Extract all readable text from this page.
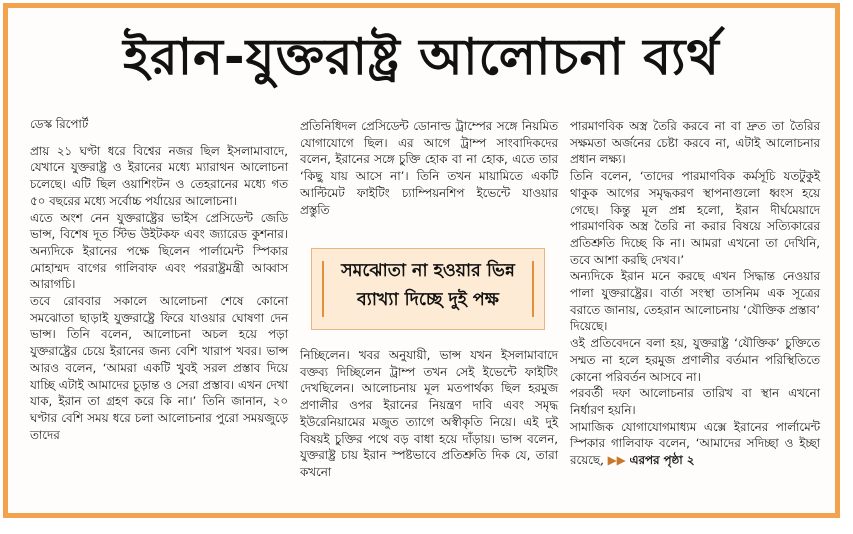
ইরান-যুক্তরাষ্ট্র আলোচনা ব্যর্থ

ডেস্ক রিপোর্ট

প্রায় ২১ ঘণ্টা ধরে বিশ্বের নজর ছিল ইসলামাবাদে, যেখানে যুক্তরাষ্ট্র ও ইরানের মধ্যে ম্যারাথন আলোচনা চলেছে। এটি ছিল ওয়াশিংটন ও তেহরানের মধ্যে গত ৫০ বছরের মধ্যে সর্বোচ্চ পর্যায়ের আলোচনা।

এতে অংশ নেন যুক্তরাষ্ট্রের ভাইস প্রেসিডেন্ট জেডি ভান্স, বিশেষ দূত স্টিভ উইটকফ এবং জ্যারেড কুশনার। অন্যদিকে ইরানের পক্ষে ছিলেন পার্লামেন্ট স্পিকার মোহাম্মদ বাগের গালিবাফ এবং পররাষ্ট্রমন্ত্রী আব্বাস আরাগচি।

তবে রোববার সকালে আলোচনা শেষে কোনো সমঝোতা ছাড়াই যুক্তরাষ্ট্রে ফিরে যাওয়ার ঘোষণা দেন ভান্স। তিনি বলেন, আলোচনা অচল হয়ে পড়া যুক্তরাষ্ট্রের চেয়ে ইরানের জন্য বেশি খারাপ খবর। ভান্স আরও বলেন, ‘আমরা একটি খুবই সরল প্রস্তাব দিয়ে যাচ্ছি এটাই আমাদের চূড়ান্ত ও সেরা প্রস্তাব। এখন দেখা যাক, ইরান তা গ্রহণ করে কি না।’ তিনি জানান, ২০ ঘণ্টার বেশি সময় ধরে চলা আলোচনার পুরো সময়জুড়ে তাদের

প্রতিনিধিদল প্রেসিডেন্ট ডোনাল্ড ট্রাম্পের সঙ্গে নিয়মিত যোগাযোগে ছিল। এর আগে ট্রাম্প সাংবাদিকদের বলেন, ইরানের সঙ্গে চুক্তি হোক বা না হোক, এতে তার ‘কিছু যায় আসে না’। তিনি তখন মায়ামিতে একটি আল্টিমেট ফাইটিং চ্যাম্পিয়নশিপ ইভেন্টে যাওয়ার প্রস্তুতি

সমঝোতা না হওয়ার ভিন্ন
ব্যাখ্যা দিচ্ছে দুই পক্ষ

নিচ্ছিলেন। খবর অনুযায়ী, ভান্স যখন ইসলামাবাদে বক্তব্য দিচ্ছিলেন ট্রাম্প তখন সেই ইভেন্টে ফাইটিং দেখছিলেন। আলোচনায় মূল মতপার্থক্য ছিল হরমুজ প্রণালীর ওপর ইরানের নিয়ন্ত্রণ দাবি এবং সমৃদ্ধ ইউরেনিয়ামের মজুত ত্যাগে অস্বীকৃতি নিয়ে। এই দুই বিষয়ই চুক্তির পথে বড় বাধা হয়ে দাঁড়ায়। ভান্স বলেন, যুক্তরাষ্ট্র চায় ইরান স্পষ্টভাবে প্রতিশ্রুতি দিক যে, তারা কখনো

পারমাণবিক অস্ত্র তৈরি করবে না বা দ্রুত তা তৈরির সক্ষমতা অর্জনের চেষ্টা করবে না, এটাই আলোচনার প্রধান লক্ষ্য।

তিনি বলেন, ‘তাদের পারমাণবিক কর্মসূচি যতটুকুই থাকুক আগের সমৃদ্ধকরণ স্থাপনাগুলো ধ্বংস হয়ে গেছে। কিন্তু মূল প্রশ্ন হলো, ইরান দীর্ঘমেয়াদে পারমাণবিক অস্ত্র তৈরি না করার বিষয়ে সত্যিকারের প্রতিশ্রুতি দিচ্ছে কি না। আমরা এখনো তা দেখিনি, তবে আশা করছি দেখব।’

অন্যদিকে ইরান মনে করছে এখন সিদ্ধান্ত নেওয়ার পালা যুক্তরাষ্ট্রের। বার্তা সংস্থা তাসনিম এক সূত্রের বরাতে জানায়, তেহরান আলোচনায় ‘যৌক্তিক প্রস্তাব’ দিয়েছে।

ওই প্রতিবেদনে বলা হয়, যুক্তরাষ্ট্র ‘যৌক্তিক’ চুক্তিতে সম্মত না হলে হরমুজ প্রণালীর বর্তমান পরিস্থিতিতে কোনো পরিবর্তন আসবে না।

পরবর্তী দফা আলোচনার তারিখ বা স্থান এখনো নির্ধারণ হয়নি।

সামাজিক যোগাযোগমাধ্যম এক্সে ইরানের পার্লামেন্ট স্পিকার গালিবাফ বলেন, ‘আমাদের সদিচ্ছা ও ইচ্ছা রয়েছে, ▶▶ এরপর পৃষ্ঠা ২
